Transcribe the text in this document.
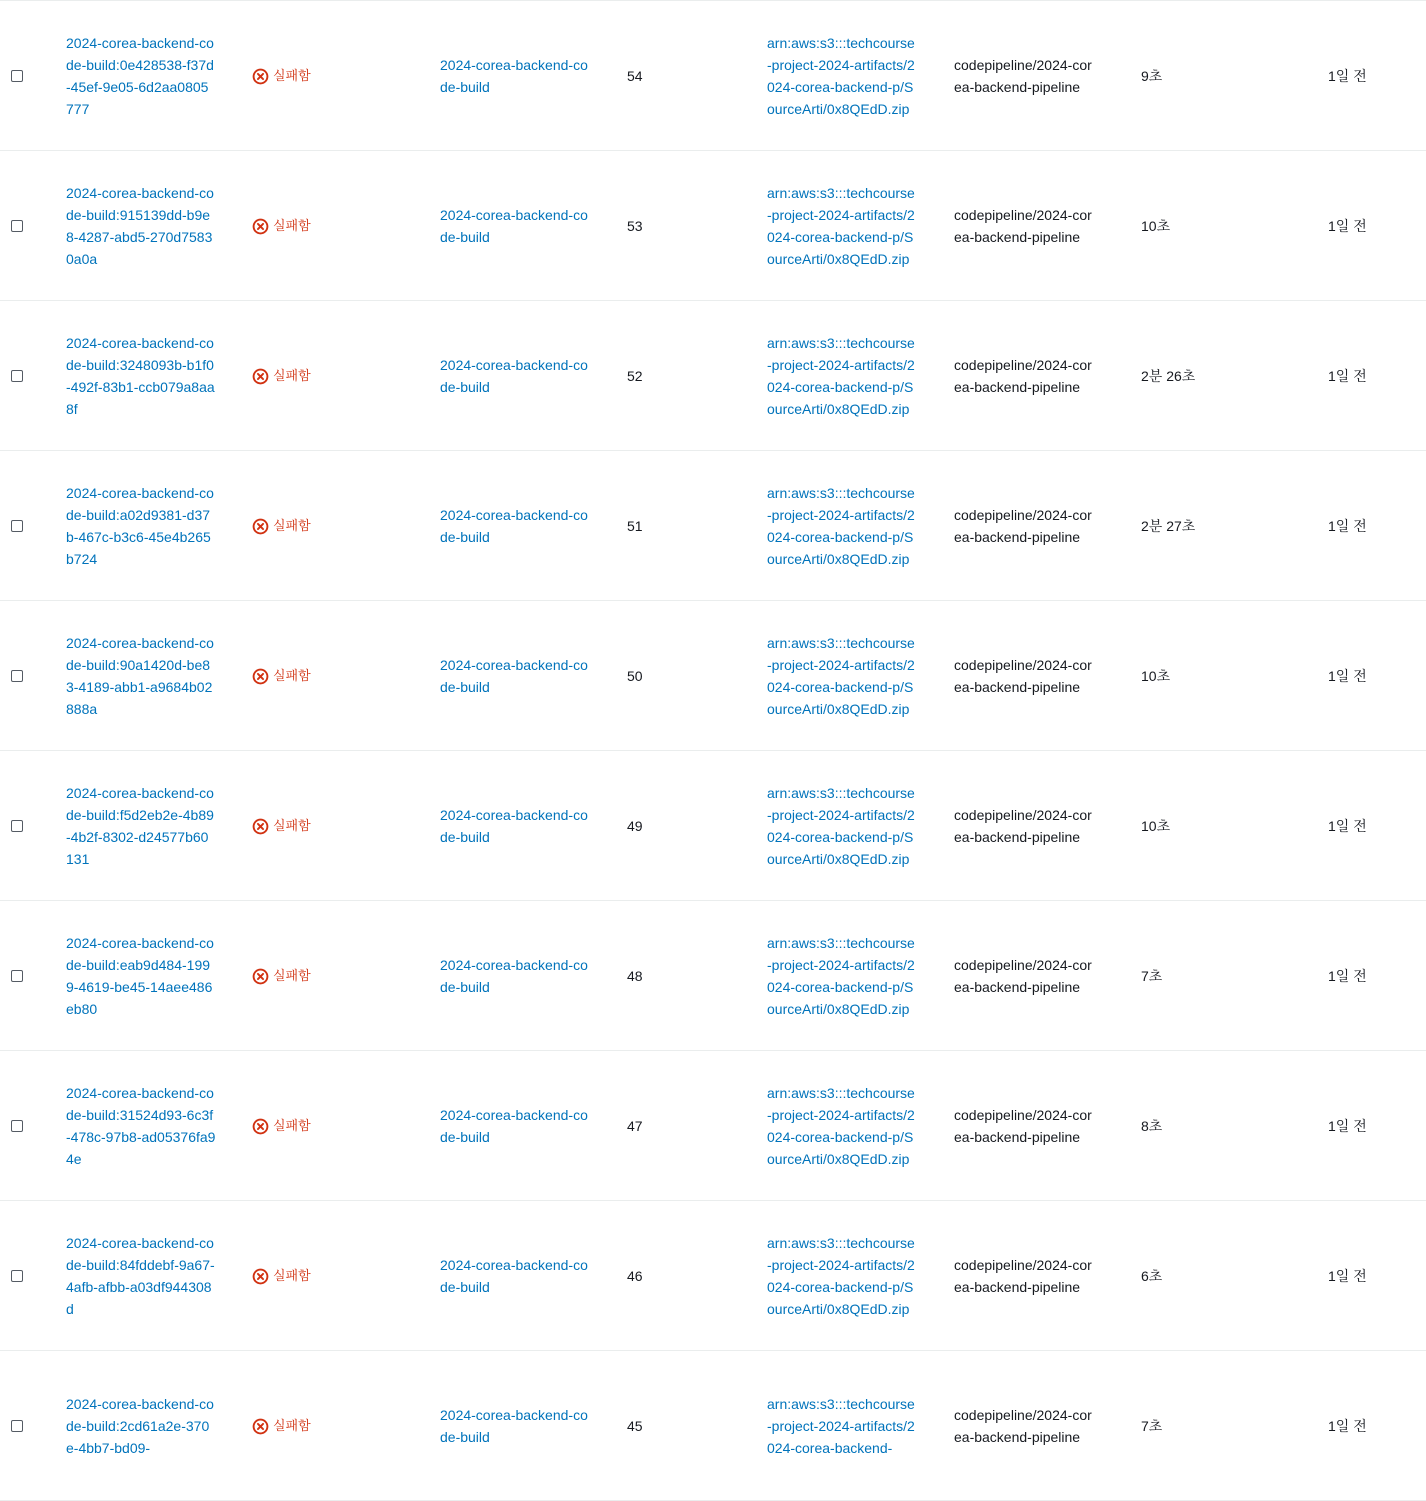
2024-corea-backend-code-build:0e428538-f37d-45ef-9e05-6d2aa0805777
실패함
2024-corea-backend-code-build
54
arn:aws:s3:::techcourse-project-2024-artifacts/2024-corea-backend-p/SourceArti/0x8QEdD.zip
codepipeline/2024-corea-backend-pipeline
9초	1일 전
2024-corea-backend-code-build:915139dd-b9e8-4287-abd5-270d75830a0a
실패함
2024-corea-backend-code-build
53
arn:aws:s3:::techcourse-project-2024-artifacts/2024-corea-backend-p/SourceArti/0x8QEdD.zip
codepipeline/2024-corea-backend-pipeline
10초	1일 전
2024-corea-backend-code-build:3248093b-b1f0-492f-83b1-ccb079a8aa8f
실패함
2024-corea-backend-code-build
52
arn:aws:s3:::techcourse-project-2024-artifacts/2024-corea-backend-p/SourceArti/0x8QEdD.zip
codepipeline/2024-corea-backend-pipeline
2분 26초	1일 전
2024-corea-backend-code-build:a02d9381-d37b-467c-b3c6-45e4b265b724
실패함
2024-corea-backend-code-build
51
arn:aws:s3:::techcourse-project-2024-artifacts/2024-corea-backend-p/SourceArti/0x8QEdD.zip
codepipeline/2024-corea-backend-pipeline
2분 27초	1일 전
2024-corea-backend-code-build:90a1420d-be83-4189-abb1-a9684b02888a
실패함
2024-corea-backend-code-build
50
arn:aws:s3:::techcourse-project-2024-artifacts/2024-corea-backend-p/SourceArti/0x8QEdD.zip
codepipeline/2024-corea-backend-pipeline
10초	1일 전
2024-corea-backend-code-build:f5d2eb2e-4b89-4b2f-8302-d24577b60131
실패함
2024-corea-backend-code-build
49
arn:aws:s3:::techcourse-project-2024-artifacts/2024-corea-backend-p/SourceArti/0x8QEdD.zip
codepipeline/2024-corea-backend-pipeline
10초	1일 전
2024-corea-backend-code-build:eab9d484-1999-4619-be45-14aee486eb80
실패함
2024-corea-backend-code-build
48
arn:aws:s3:::techcourse-project-2024-artifacts/2024-corea-backend-p/SourceArti/0x8QEdD.zip
codepipeline/2024-corea-backend-pipeline
7초	1일 전
2024-corea-backend-code-build:31524d93-6c3f-478c-97b8-ad05376fa94e
실패함
2024-corea-backend-code-build
47
arn:aws:s3:::techcourse-project-2024-artifacts/2024-corea-backend-p/SourceArti/0x8QEdD.zip
codepipeline/2024-corea-backend-pipeline
8초	1일 전
2024-corea-backend-code-build:84fddebf-9a67-4afb-afbb-a03df944308d
실패함
2024-corea-backend-code-build
46
arn:aws:s3:::techcourse-project-2024-artifacts/2024-corea-backend-p/SourceArti/0x8QEdD.zip
codepipeline/2024-corea-backend-pipeline
6초	1일 전
2024-corea-backend-code-build:2cd61a2e-370e-4bb7-bd09-
실패함
2024-corea-backend-code-build
45
arn:aws:s3:::techcourse-project-2024-artifacts/2024-corea-backend-
codepipeline/2024-corea-backend-pipeline
7초	1일 전
